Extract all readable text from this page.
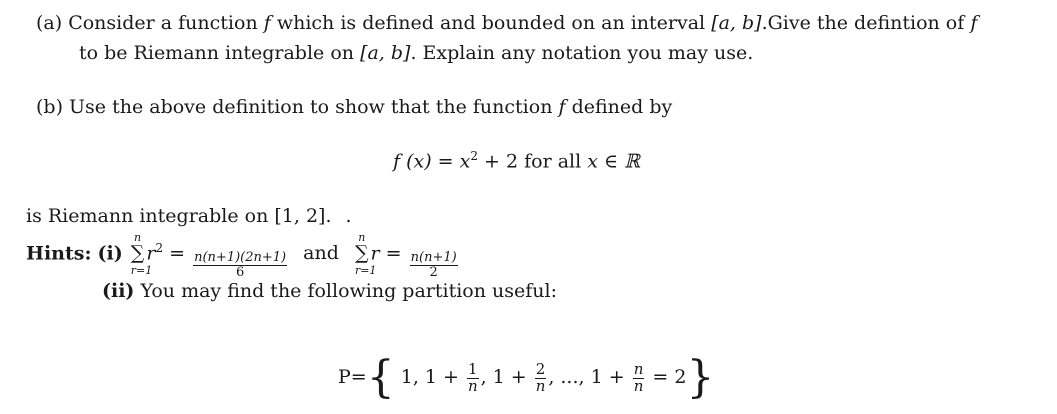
(a) Consider a function f which is defined and bounded on an interval [a, b].Give the defintion of f
to be Riemann integrable on [a, b]. Explain any notation you may use.
(b) Use the above definition to show that the function f defined by
f $(x) = x^2 + 2$ for all x ∈ ℝ
is Riemann integrable on [1, 2]. .
Hints: (i)
n
∑
r=1
$r^2 = \frac{n(n+1)(2n+1)}{6}$ and
n
∑
r=1
$r = \frac{n(n+1)}{2}$
(ii) You may find the following partition useful:
P={ 1, $1 + \frac{1}{n}$ , $1 + \frac{2}{n}$ , ..., $1 + \frac{n}{n} = 2$}
